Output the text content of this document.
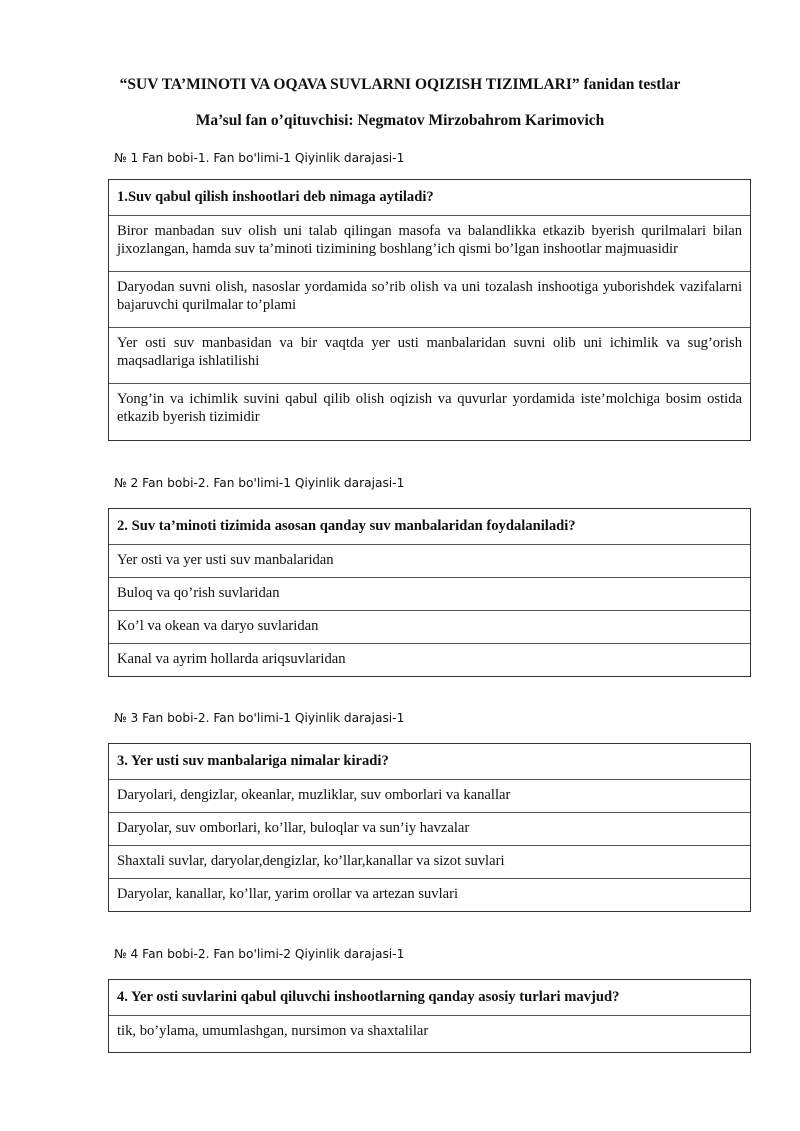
“SUV TA’MINOTI VA OQAVA SUVLARNI OQIZISH TIZIMLARI” fanidan testlar
Ma’sul fan o’qituvchisi: Negmatov Mirzobahrom Karimovich
№ 1 Fan bobi-1. Fan bo'limi-1 Qiyinlik darajasi-1
1.Suv qabul qilish inshootlari deb nimaga aytiladi?
Biror manbadan suv olish uni talab qilingan masofa va balandlikka etkazib byerish qurilmalari bilan jixozlangan, hamda suv ta’minoti tizimining boshlang’ich qismi bo’lgan inshootlar majmuasidir
Daryodan suvni olish, nasoslar yordamida so’rib olish va uni tozalash inshootiga yuborishdek vazifalarni bajaruvchi qurilmalar to’plami
Yer osti suv manbasidan va bir vaqtda yer usti manbalaridan suvni olib uni ichimlik va sug’orish maqsadlariga ishlatilishi
Yong’in va ichimlik suvini qabul qilib olish oqizish va quvurlar yordamida iste’molchiga bosim ostida etkazib byerish tizimidir
№ 2 Fan bobi-2. Fan bo'limi-1 Qiyinlik darajasi-1
2. Suv ta’minoti tizimida asosan qanday suv manbalaridan foydalaniladi?
Yer osti va yer usti suv manbalaridan
Buloq va qo’rish suvlaridan
Ko’l va okean va daryo suvlaridan
Kanal va ayrim hollarda ariqsuvlaridan
№ 3 Fan bobi-2. Fan bo'limi-1 Qiyinlik darajasi-1
3. Yer usti suv manbalariga nimalar kiradi?
Daryolari, dengizlar, okeanlar, muzliklar, suv omborlari va kanallar
Daryolar, suv omborlari, ko’llar, buloqlar va sun’iy havzalar
Shaxtali suvlar, daryolar,dengizlar, ko’llar,kanallar va sizot suvlari
Daryolar, kanallar, ko’llar, yarim orollar va artezan suvlari
№ 4 Fan bobi-2. Fan bo'limi-2 Qiyinlik darajasi-1
4. Yer osti suvlarini qabul qiluvchi inshootlarning qanday asosiy turlari mavjud?
tik, bo’ylama, umumlashgan, nursimon va shaxtalilar
